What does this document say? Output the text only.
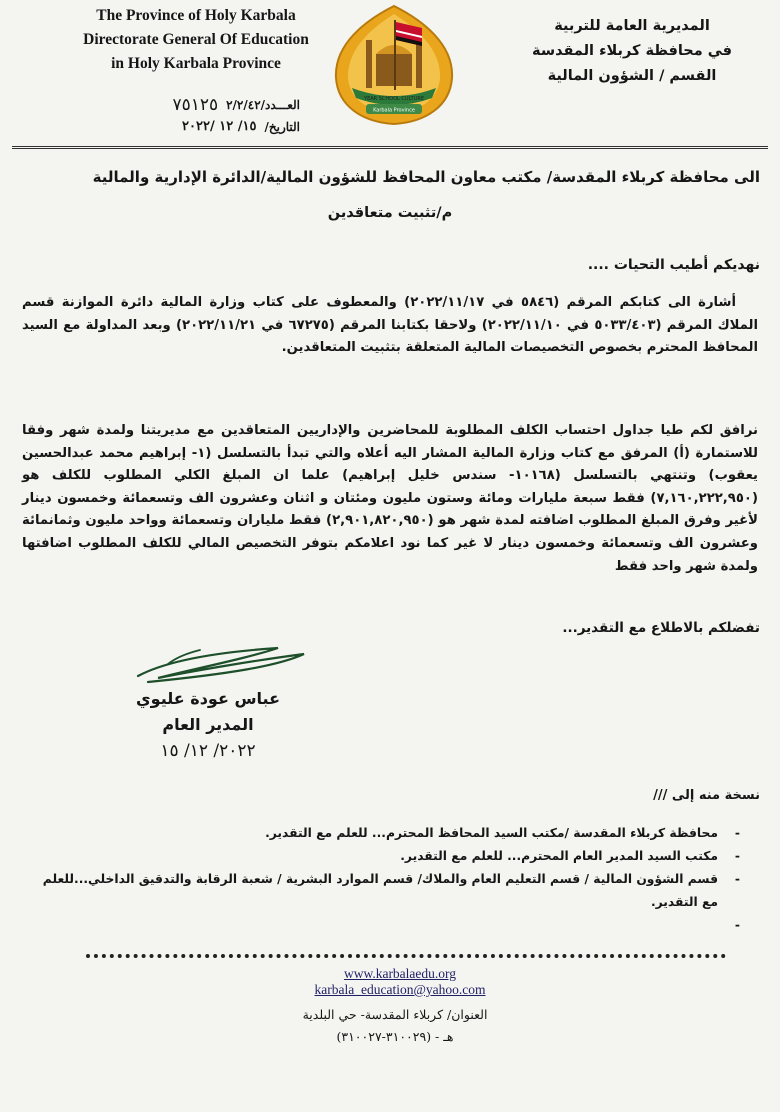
The Province of Holy Karbala
Directorate General Of Education
in Holy Karbala Province
YEAR SCHOOL CULTURE
Karbala Province
المديرية العامة للتربية
في محافظة كربلاء المقدسة
القسم / الشؤون المالية
العـــدد/٢/٢/٤٢
٧٥١٢٥
التاريخ/
١٥/ ١٢ /٢٠٢٢
الى محافظة كربلاء المقدسة/ مكتب معاون المحافظ للشؤون المالية/الدائرة الإدارية والمالية
م/تثبيت متعاقدين
نهديكم أطيب التحيات ....
أشارة الى كتابكم المرقم (٥٨٤٦ في ٢٠٢٢/١١/١٧) والمعطوف على كتاب وزارة المالية دائرة الموازنة قسم الملاك المرقم (٥٠٣٣/٤٠٣ في ٢٠٢٢/١١/١٠) ولاحقا بكتابنا المرقم (٦٧٢٧٥ في ٢٠٢٢/١١/٢١) وبعد المداولة مع السيد المحافظ المحترم بخصوص التخصيصات المالية المتعلقة بتثبيت المتعاقدين.
نرافق لكم طيا جداول احتساب الكلف المطلوبة للمحاضرين والإداريين المتعاقدين مع مديريتنا ولمدة شهر وفقا للاستمارة (أ) المرفق مع كتاب وزارة المالية المشار اليه أعلاه والتي تبدأ بالتسلسل (١- إبراهيم محمد عبدالحسين يعقوب) وتنتهي بالتسلسل (١٠١٦٨- سندس خليل إبراهيم) علما ان المبلغ الكلي المطلوب للكلف هو (٧,١٦٠,٢٢٢,٩٥٠) فقط سبعة مليارات ومائة وستون مليون ومئتان و اثنان وعشرون الف وتسعمائة وخمسون دينار لأغير وفرق المبلغ المطلوب اضافته لمدة شهر هو (٢,٩٠١,٨٢٠,٩٥٠) فقط ملياران وتسعمائة وواحد مليون وثمانمائة وعشرون الف وتسعمائة وخمسون دينار لا غير كما نود اعلامكم بتوفر التخصيص المالي للكلف المطلوب اضافتها ولمدة شهر واحد فقط
تفضلكم بالاطلاع مع التقدير...
عباس عودة عليوي
المدير العام
٢٠٢٢/ ١٢/ ١٥
نسخة منه إلى ///
- محافظة كربلاء المقدسة /مكتب السيد المحافظ المحترم... للعلم مع التقدير.
- مكتب السيد المدير العام المحترم... للعلم مع التقدير.
- قسم الشؤون المالية / قسم التعليم العام والملاك/ قسم الموارد البشرية / شعبة الرقابة والتدقيق الداخلي...للعلم مع التقدير.
www.karbalaedu.org
karbala_education@yahoo.com
العنوان/ كربلاء المقدسة- حي البلدية
هـ - (٣١٠٠٢٩-٣١٠٠٢٧)
